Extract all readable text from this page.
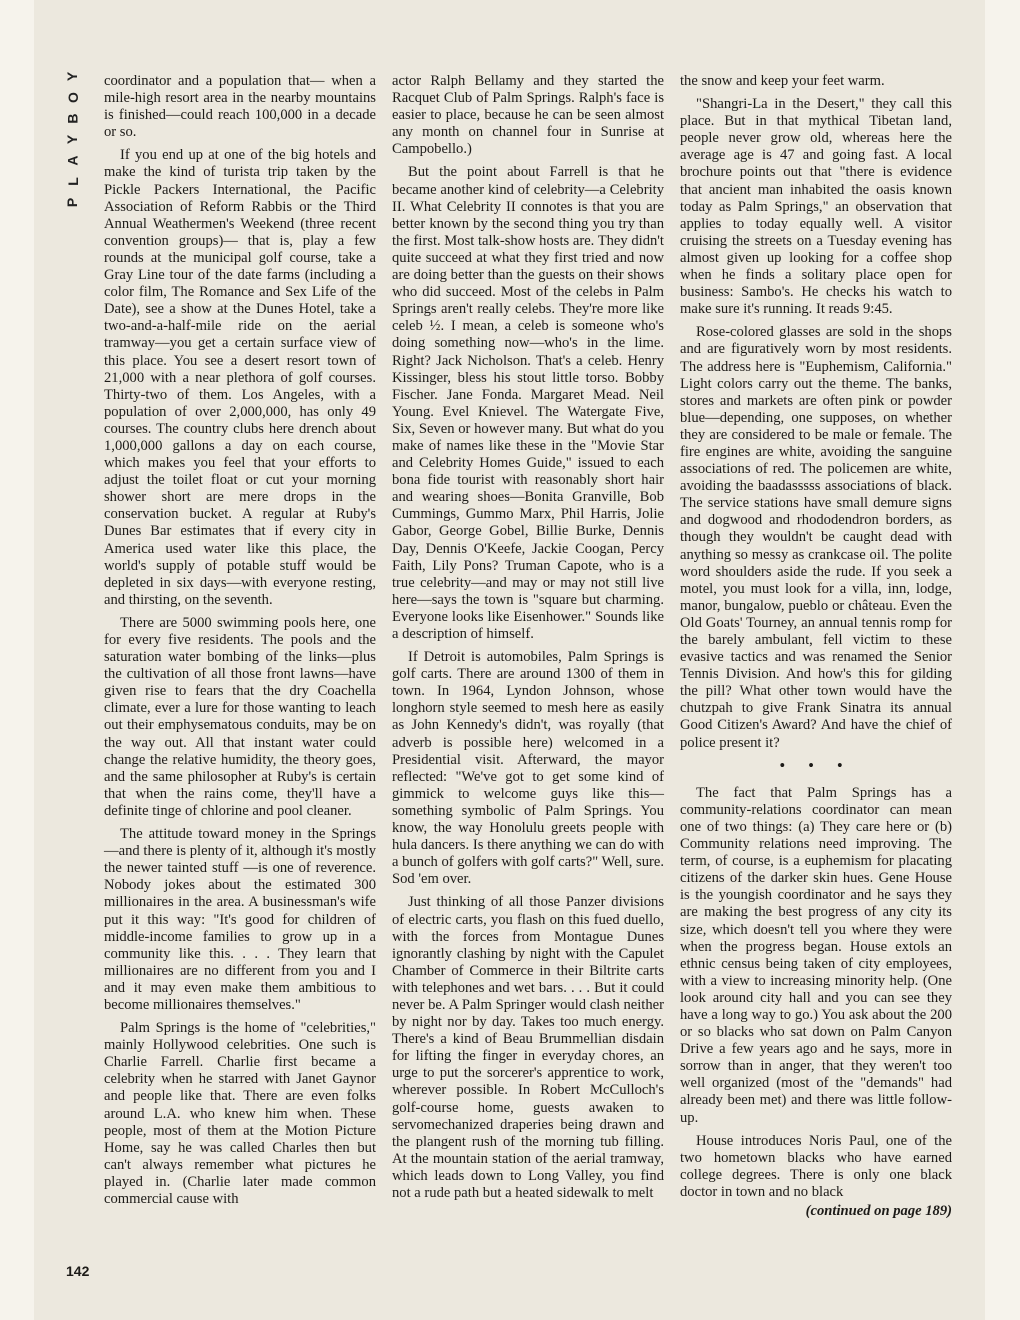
Y
O
B
Y
A
L
P

coordinator and a population that— when a mile-high resort area in the nearby mountains is finished—could reach 100,000 in a decade or so.

If you end up at one of the big hotels and make the kind of turista trip taken by the Pickle Packers International, the Pacific Association of Reform Rabbis or the Third Annual Weathermen's Weekend (three recent convention groups)— that is, play a few rounds at the municipal golf course, take a Gray Line tour of the date farms (including a color film, The Romance and Sex Life of the Date), see a show at the Dunes Hotel, take a two-and-a-half-mile ride on the aerial tramway—you get a certain surface view of this place. You see a desert resort town of 21,000 with a near plethora of golf courses. Thirty-two of them. Los Angeles, with a population of over 2,000,000, has only 49 courses. The country clubs here drench about 1,000,000 gallons a day on each course, which makes you feel that your efforts to adjust the toilet float or cut your morning shower short are mere drops in the conservation bucket. A regular at Ruby's Dunes Bar estimates that if every city in America used water like this place, the world's supply of potable stuff would be depleted in six days—with everyone resting, and thirsting, on the seventh.

There are 5000 swimming pools here, one for every five residents. The pools and the saturation water bombing of the links—plus the cultivation of all those front lawns—have given rise to fears that the dry Coachella climate, ever a lure for those wanting to leach out their emphysematous conduits, may be on the way out. All that instant water could change the relative humidity, the theory goes, and the same philosopher at Ruby's is certain that when the rains come, they'll have a definite tinge of chlorine and pool cleaner.

The attitude toward money in the Springs—and there is plenty of it, although it's mostly the newer tainted stuff —is one of reverence. Nobody jokes about the estimated 300 millionaires in the area. A businessman's wife put it this way: "It's good for children of middle-income families to grow up in a community like this. . . . They learn that millionaires are no different from you and I and it may even make them ambitious to become millionaires themselves."

Palm Springs is the home of "celebrities," mainly Hollywood celebrities. One such is Charlie Farrell. Charlie first became a celebrity when he starred with Janet Gaynor and people like that. There are even folks around L.A. who knew him when. These people, most of them at the Motion Picture Home, say he was called Charles then but can't always remember what pictures he played in. (Charlie later made common commercial cause with

actor Ralph Bellamy and they started the Racquet Club of Palm Springs. Ralph's face is easier to place, because he can be seen almost any month on channel four in Sunrise at Campobello.)

But the point about Farrell is that he became another kind of celebrity—a Celebrity II. What Celebrity II connotes is that you are better known by the second thing you try than the first. Most talk-show hosts are. They didn't quite succeed at what they first tried and now are doing better than the guests on their shows who did succeed. Most of the celebs in Palm Springs aren't really celebs. They're more like celeb ½. I mean, a celeb is someone who's doing something now—who's in the lime. Right? Jack Nicholson. That's a celeb. Henry Kissinger, bless his stout little torso. Bobby Fischer. Jane Fonda. Margaret Mead. Neil Young. Evel Knievel. The Watergate Five, Six, Seven or however many. But what do you make of names like these in the "Movie Star and Celebrity Homes Guide," issued to each bona fide tourist with reasonably short hair and wearing shoes—Bonita Granville, Bob Cummings, Gummo Marx, Phil Harris, Jolie Gabor, George Gobel, Billie Burke, Dennis Day, Dennis O'Keefe, Jackie Coogan, Percy Faith, Lily Pons? Truman Capote, who is a true celebrity—and may or may not still live here—says the town is "square but charming. Everyone looks like Eisenhower." Sounds like a description of himself.

If Detroit is automobiles, Palm Springs is golf carts. There are around 1300 of them in town. In 1964, Lyndon Johnson, whose longhorn style seemed to mesh here as easily as John Kennedy's didn't, was royally (that adverb is possible here) welcomed in a Presidential visit. Afterward, the mayor reflected: "We've got to get some kind of gimmick to welcome guys like this—something symbolic of Palm Springs. You know, the way Honolulu greets people with hula dancers. Is there anything we can do with a bunch of golfers with golf carts?" Well, sure. Sod 'em over.

Just thinking of all those Panzer divisions of electric carts, you flash on this fued duello, with the forces from Montague Dunes ignorantly clashing by night with the Capulet Chamber of Commerce in their Biltrite carts with telephones and wet bars. . . . But it could never be. A Palm Springer would clash neither by night nor by day. Takes too much energy. There's a kind of Beau Brummellian disdain for lifting the finger in everyday chores, an urge to put the sorcerer's apprentice to work, wherever possible. In Robert McCulloch's golf-course home, guests awaken to servomechanized draperies being drawn and the plangent rush of the morning tub filling. At the mountain station of the aerial tramway, which leads down to Long Valley, you find not a rude path but a heated sidewalk to melt

the snow and keep your feet warm.

"Shangri-La in the Desert," they call this place. But in that mythical Tibetan land, people never grow old, whereas here the average age is 47 and going fast. A local brochure points out that "there is evidence that ancient man inhabited the oasis known today as Palm Springs," an observation that applies to today equally well. A visitor cruising the streets on a Tuesday evening has almost given up looking for a coffee shop when he finds a solitary place open for business: Sambo's. He checks his watch to make sure it's running. It reads 9:45.

Rose-colored glasses are sold in the shops and are figuratively worn by most residents. The address here is "Euphemism, California." Light colors carry out the theme. The banks, stores and markets are often pink or powder blue—depending, one supposes, on whether they are considered to be male or female. The fire engines are white, avoiding the sanguine associations of red. The policemen are white, avoiding the baadasssss associations of black. The service stations have small demure signs and dogwood and rhododendron borders, as though they wouldn't be caught dead with anything so messy as crankcase oil. The polite word shoulders aside the rude. If you seek a motel, you must look for a villa, inn, lodge, manor, bungalow, pueblo or château. Even the Old Goats' Tourney, an annual tennis romp for the barely ambulant, fell victim to these evasive tactics and was renamed the Senior Tennis Division. And how's this for gilding the pill? What other town would have the chutzpah to give Frank Sinatra its annual Good Citizen's Award? And have the chief of police present it?

• • •

The fact that Palm Springs has a community-relations coordinator can mean one of two things: (a) They care here or (b) Community relations need improving. The term, of course, is a euphemism for placating citizens of the darker skin hues. Gene House is the youngish coordinator and he says they are making the best progress of any city its size, which doesn't tell you where they were when the progress began. House extols an ethnic census being taken of city employees, with a view to increasing minority help. (One look around city hall and you can see they have a long way to go.) You ask about the 200 or so blacks who sat down on Palm Canyon Drive a few years ago and he says, more in sorrow than in anger, that they weren't too well organized (most of the "demands" had already been met) and there was little follow-up.

House introduces Noris Paul, one of the two hometown blacks who have earned college degrees. There is only one black doctor in town and no black

(continued on page 189)
142
